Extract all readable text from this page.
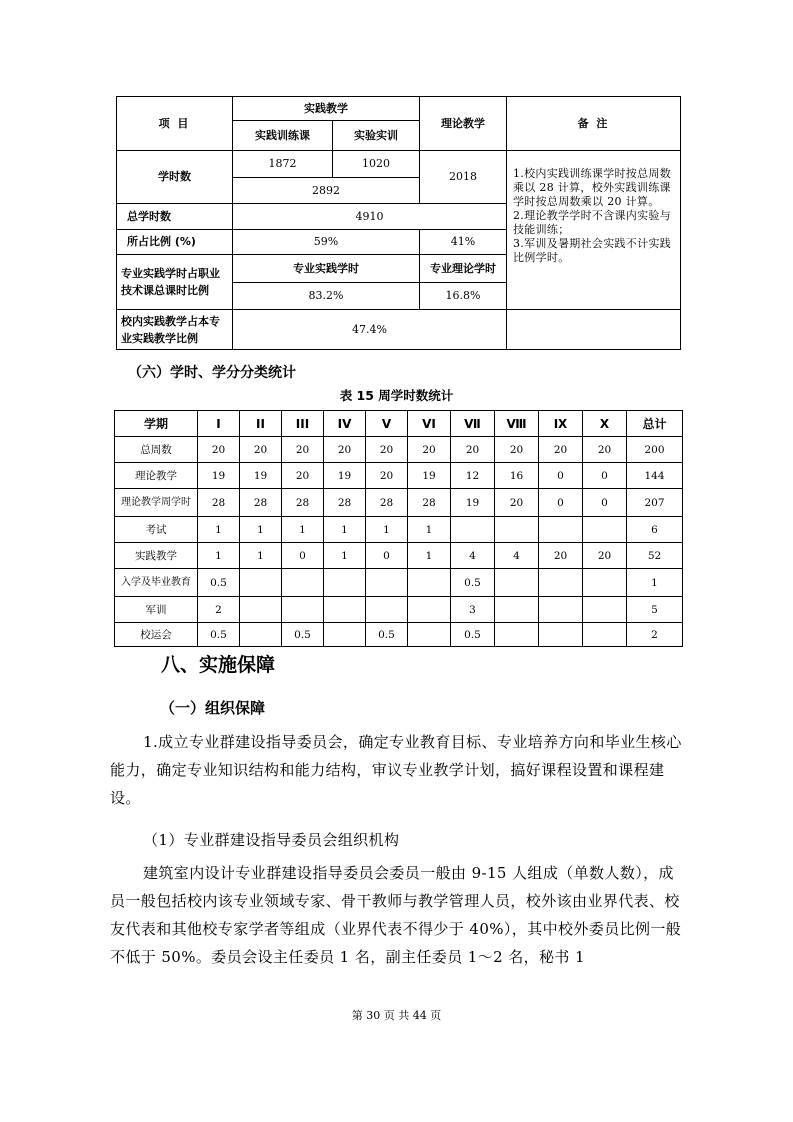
项 目	实践教学		理论教学	备 注
	实践训练课	实验实训		
学时数	1872	1020	2018	1.校内实践训练课学时按总周数乘以 28 计算，校外实践训练课学时按总周数乘以 20 计算。
2.理论教学学时不含课内实验与技能训练；
3.军训及暑期社会实践不计实践比例学时。

	2892			
总学时数	4910			
所占比例 (%)	59%		41%	
专业实践学时占职业技术课总课时比例	专业实践学时		专业理论学时	
	83.2%		16.8%	
校内实践教学占本专业实践教学比例	47.4%			
（六）学时、学分分类统计
表 15 周学时数统计
学期	I	II	III	IV	V	VI	Ⅶ	Ⅷ	Ⅸ	X	总计
总周数	20	20	20	20	20	20	20	20	20	20	200
理论教学	19	19	20	19	20	19	12	16	0	0	144
理论教学周学时	28	28	28	28	28	28	19	20	0	0	207
考试	1	1	1	1	1	1					6
实践教学	1	1	0	1	0	1	4	4	20	20	52
入学及毕业教育	0.5						0.5				1
军训	2						3				5
校运会	0.5		0.5		0.5		0.5				2
八、实施保障
（一）组织保障
1.成立专业群建设指导委员会，确定专业教育目标、专业培养方向和毕业生核心能力，确定专业知识结构和能力结构，审议专业教学计划，搞好课程设置和课程建设。
（1）专业群建设指导委员会组织机构
建筑室内设计专业群建设指导委员会委员一般由 9-15 人组成（单数人数），成员一般包括校内该专业领域专家、骨干教师与教学管理人员，校外该由业界代表、校友代表和其他校专家学者等组成（业界代表不得少于 40%），其中校外委员比例一般不低于 50%。委员会设主任委员 1 名，副主任委员 1～2 名，秘书 1
第 30 页 共 44 页
